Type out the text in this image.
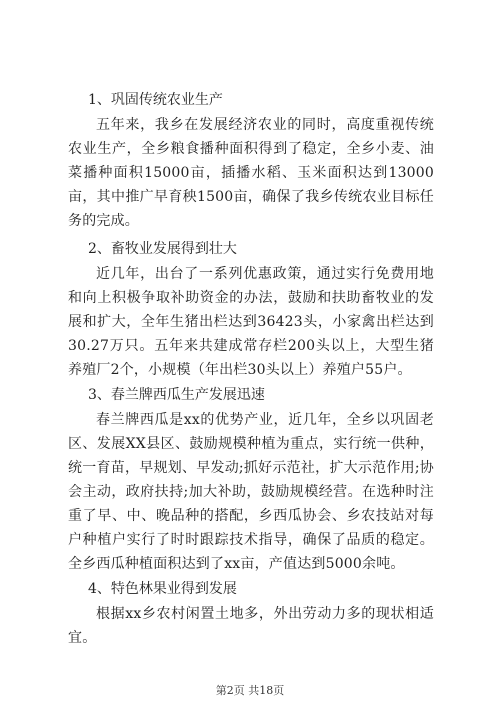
1、巩固传统农业生产

五年来，我乡在发展经济农业的同时，高度重视传统农业生产，全乡粮食播种面积得到了稳定，全乡小麦、油菜播种面积15000亩，插播水稻、玉米面积达到13000亩，其中推广早育秧1500亩，确保了我乡传统农业目标任务的完成。

2、畜牧业发展得到壮大

近几年，出台了一系列优惠政策，通过实行免费用地和向上积极争取补助资金的办法，鼓励和扶助畜牧业的发展和扩大，全年生猪出栏达到36423头，小家禽出栏达到30.27万只。五年来共建成常存栏200头以上，大型生猪养殖厂2个，小规模（年出栏30头以上）养殖户55户。

3、春兰牌西瓜生产发展迅速

春兰牌西瓜是xx的优势产业，近几年，全乡以巩固老区、发展XX县区、鼓励规模种植为重点，实行统一供种，统一育苗，早规划、早发动;抓好示范社，扩大示范作用;协会主动，政府扶持;加大补助，鼓励规模经营。在选种时注重了早、中、晚品种的搭配，乡西瓜协会、乡农技站对每户种植户实行了时时跟踪技术指导，确保了品质的稳定。全乡西瓜种植面积达到了xx亩，产值达到5000余吨。

4、特色林果业得到发展

根据xx乡农村闲置土地多，外出劳动力多的现状相适宜。

第2页 共18页
